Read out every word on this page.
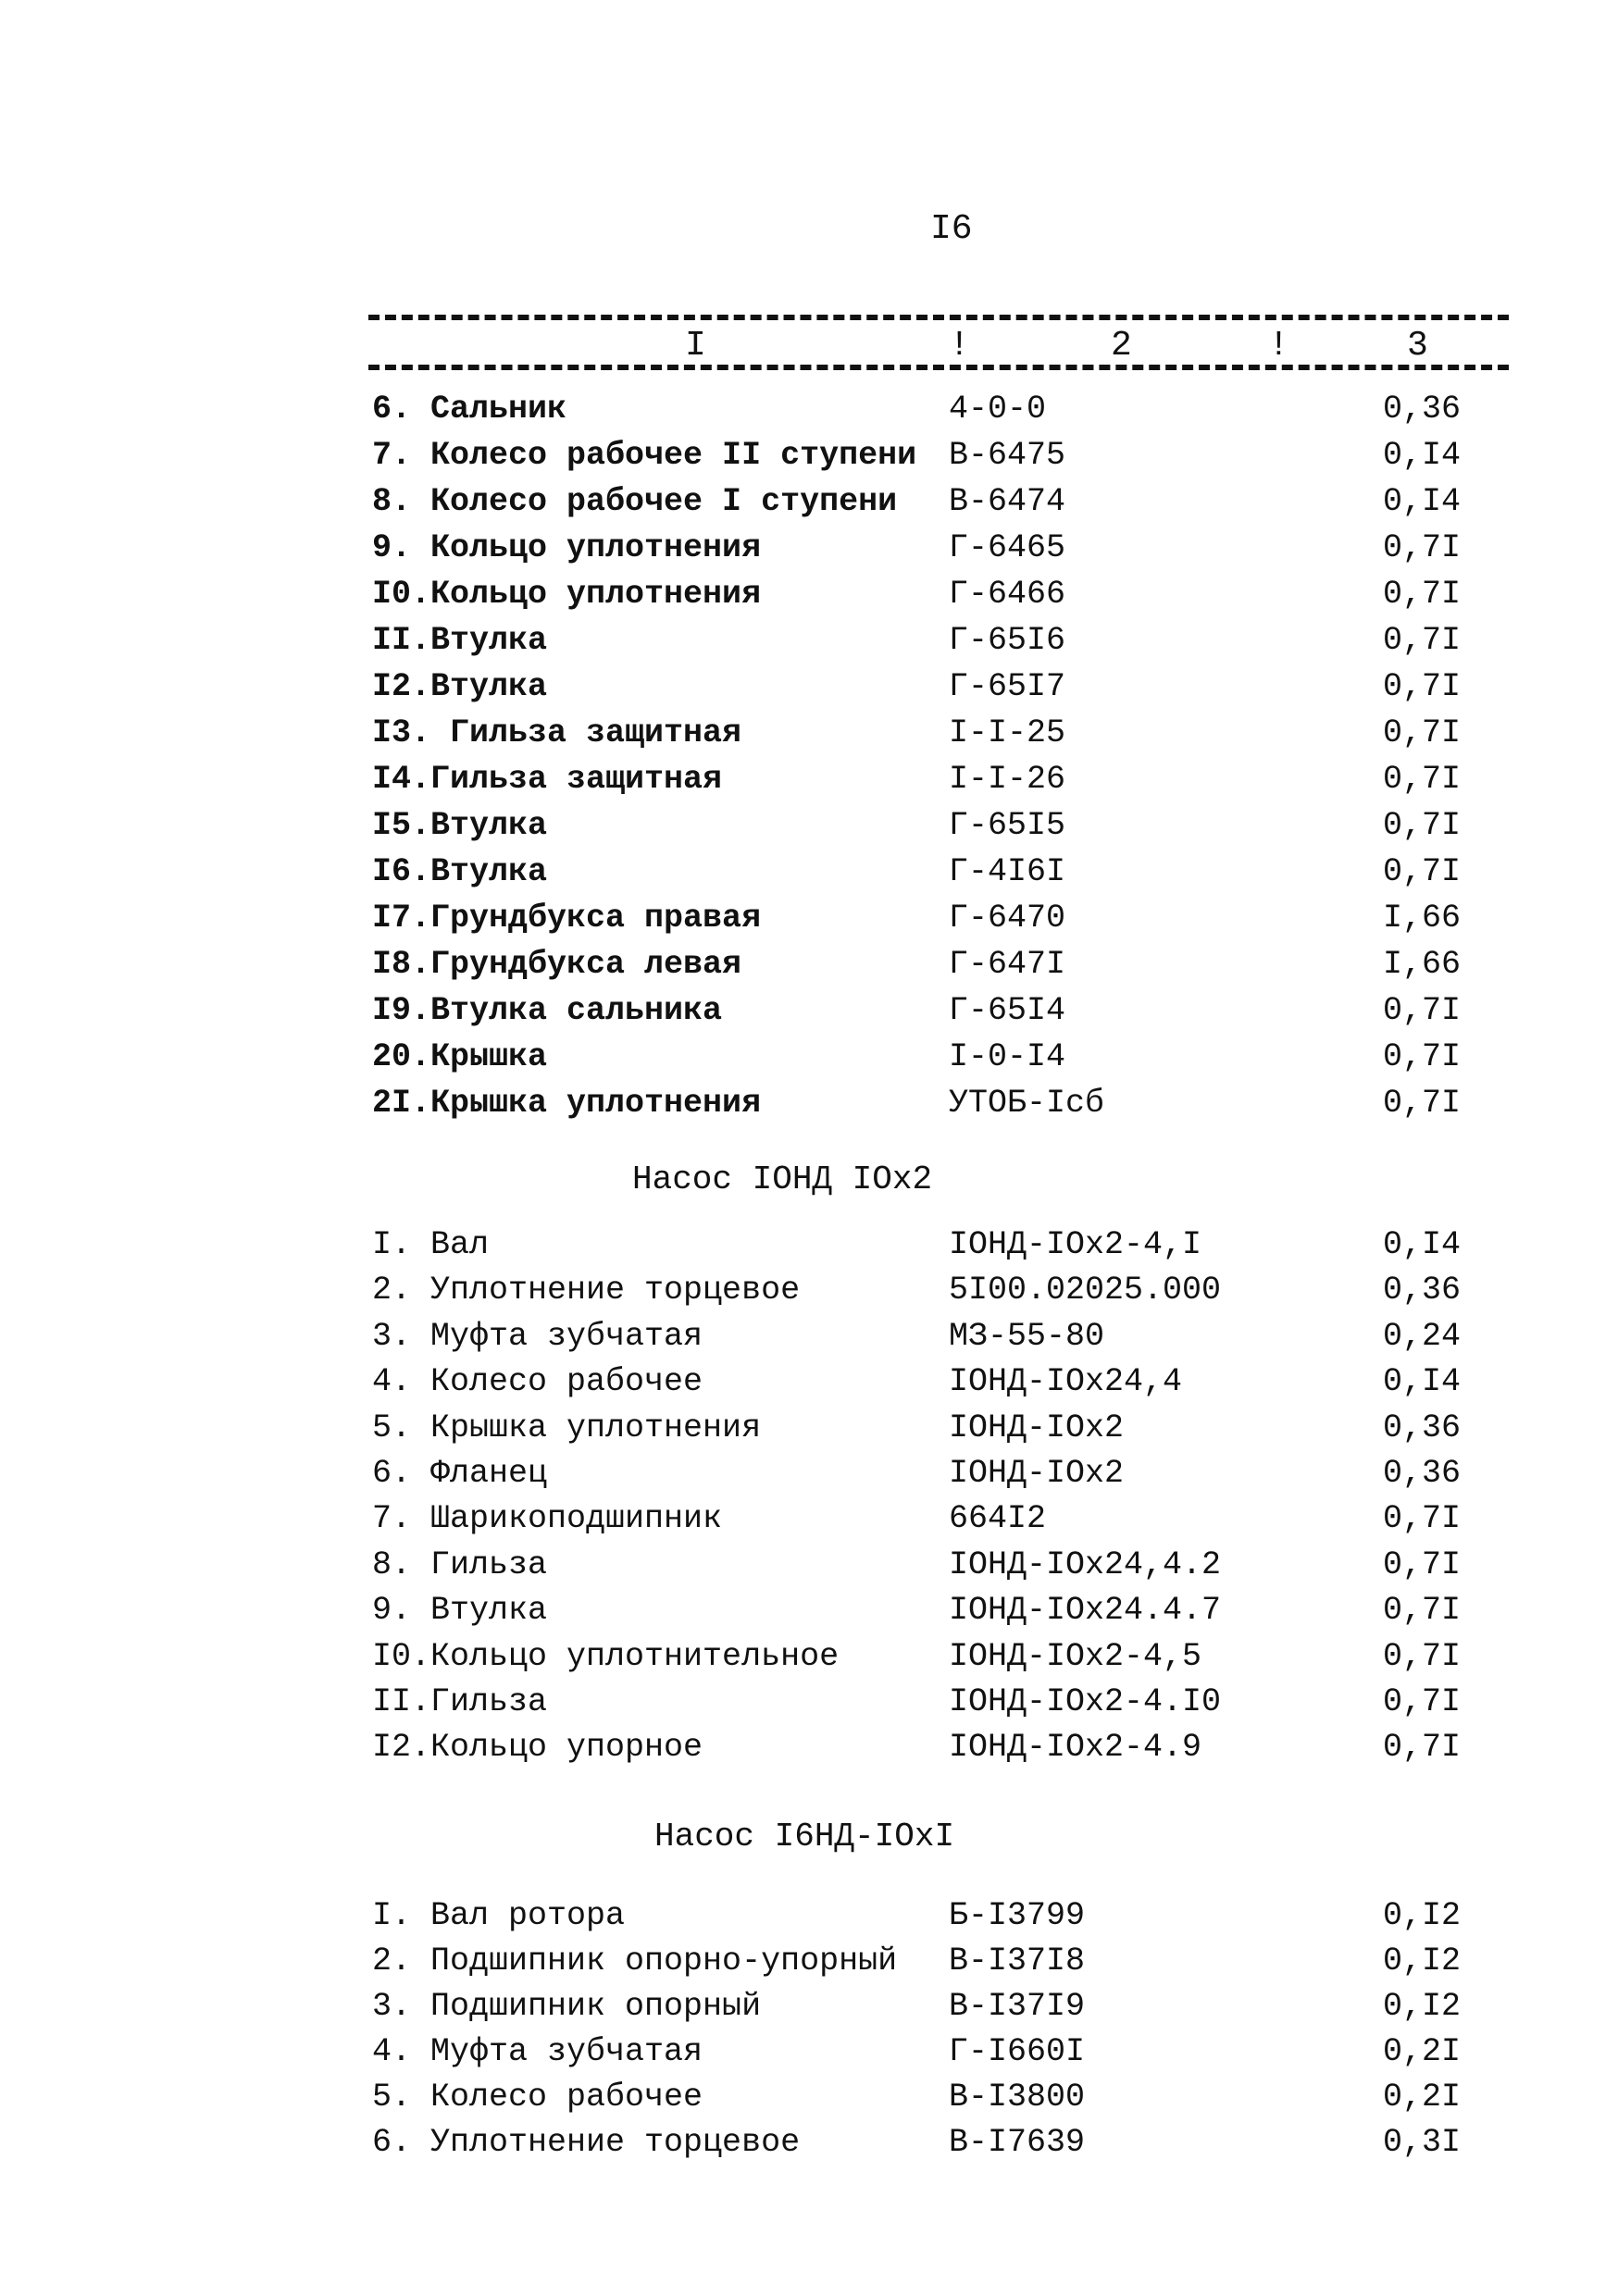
I6
I	!	2	!	3
6. Сальник	4-0-0	0,36
7. Колесо рабочее II ступени В-6475	0,I4
8. Колесо рабочее I ступени В-6474	0,I4
9. Кольцо уплотнения	Г-6465	0,7I
I0.Кольцо уплотнения	Г-6466	0,7I
II.Втулка	Г-65I6	0,7I
I2.Втулка	Г-65I7	0,7I
I3. Гильза защитная	I-I-25	0,7I
I4.Гильза защитная	I-I-26	0,7I
I5.Втулка	Г-65I5	0,7I
I6.Втулка	Г-4I6I	0,7I
I7.Грундбукса правая	Г-6470	I,66
I8.Грундбукса левая	Г-647I	I,66
I9.Втулка сальника	Г-65I4	0,7I
20.Крышка	I-0-I4	0,7I
2I.Крышка уплотнения	УТОБ-Iсб	0,7I
Насос IОНД IОх2
I. Вал	IОНД-IОх2-4,I	0,I4
2. Уплотнение торцевое	5I00.02025.000	0,36
3. Муфта зубчатая	МЗ-55-80	0,24
4. Колесо рабочее	IОНД-IОх24,4	0,I4
5. Крышка уплотнения	IОНД-IОх2	0,36
6. Фланец	IОНД-IОх2	0,36
7. Шарикоподшипник	664I2	0,7I
8. Гильза	IОНД-IОх24,4.2	0,7I
9. Втулка	IОНД-IОх24.4.7	0,7I
I0.Кольцо уплотнительное	IОНД-IОх2-4,5	0,7I
II.Гильза	IОНД-IОх2-4.I0	0,7I
I2.Кольцо упорное	IОНД-IОх2-4.9	0,7I
Насос I6НД-IОхI
I. Вал ротора	Б-I3799	0,I2
2. Подшипник опорно-упорный В-I37I8	0,I2
3. Подшипник опорный	В-I37I9	0,I2
4. Муфта зубчатая	Г-I660I	0,2I
5. Колесо рабочее	В-I3800	0,2I
6. Уплотнение торцевое	В-I7639	0,3I
